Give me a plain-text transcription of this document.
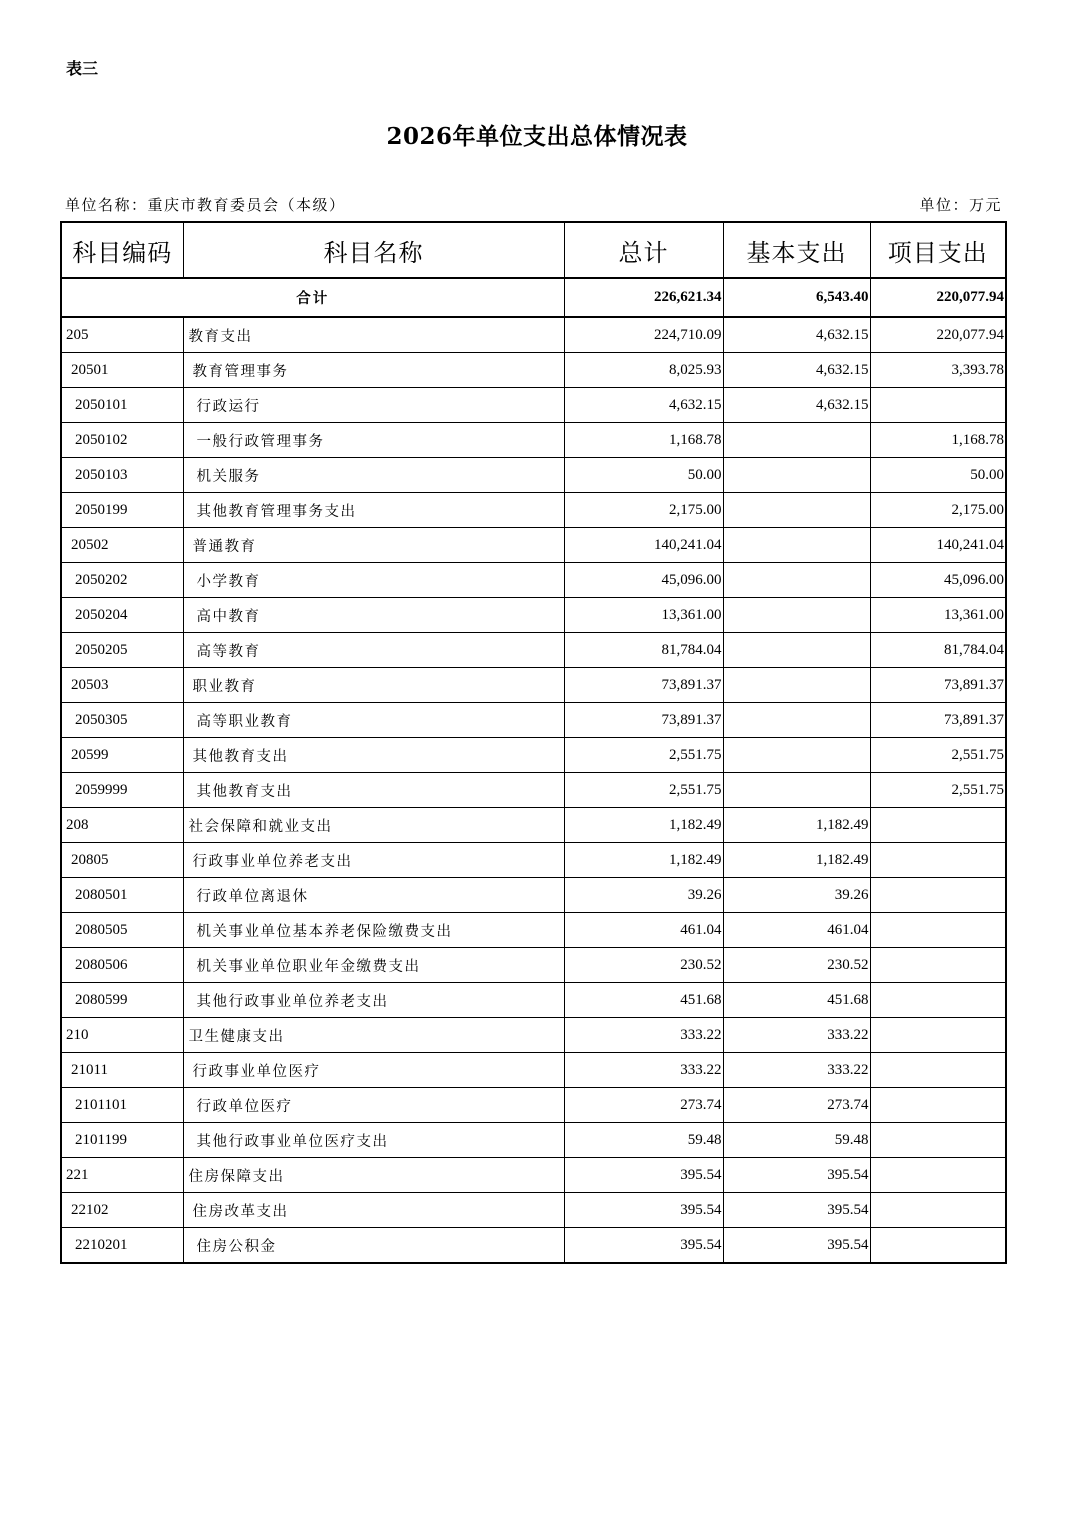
表三
2026年单位支出总体情况表
单位名称：重庆市教育委员会（本级）	单位：万元
科目编码	科目名称	总计	基本支出	项目支出
合计		226,621.34	6,543.40	220,077.94
205	教育支出	224,710.09	4,632.15	220,077.94
20501	教育管理事务	8,025.93	4,632.15	3,393.78
2050101	行政运行	4,632.15	4,632.15	
2050102	一般行政管理事务	1,168.78		1,168.78
2050103	机关服务	50.00		50.00
2050199	其他教育管理事务支出	2,175.00		2,175.00
20502	普通教育	140,241.04		140,241.04
2050202	小学教育	45,096.00		45,096.00
2050204	高中教育	13,361.00		13,361.00
2050205	高等教育	81,784.04		81,784.04
20503	职业教育	73,891.37		73,891.37
2050305	高等职业教育	73,891.37		73,891.37
20599	其他教育支出	2,551.75		2,551.75
2059999	其他教育支出	2,551.75		2,551.75
208	社会保障和就业支出	1,182.49	1,182.49	
20805	行政事业单位养老支出	1,182.49	1,182.49	
2080501	行政单位离退休	39.26	39.26	
2080505	机关事业单位基本养老保险缴费支出	461.04	461.04	
2080506	机关事业单位职业年金缴费支出	230.52	230.52	
2080599	其他行政事业单位养老支出	451.68	451.68	
210	卫生健康支出	333.22	333.22	
21011	行政事业单位医疗	333.22	333.22	
2101101	行政单位医疗	273.74	273.74	
2101199	其他行政事业单位医疗支出	59.48	59.48	
221	住房保障支出	395.54	395.54	
22102	住房改革支出	395.54	395.54	
2210201	住房公积金	395.54	395.54	
